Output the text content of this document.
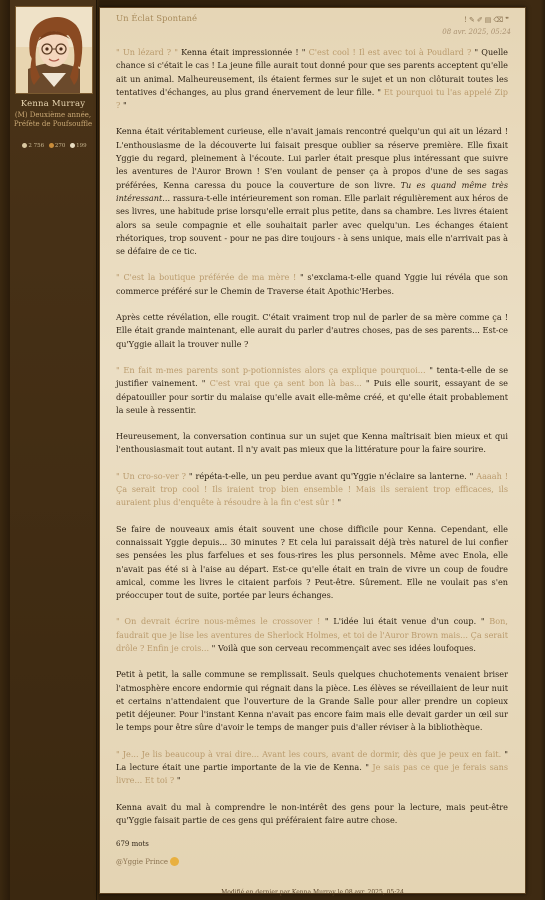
Kenna Murray
(M) Deuxième année, Préfète de Poufsouffle
2 756 270 199
Un Éclat Spontané	!✎✐▤⌫❞
08 avr. 2025, 05:24

" Un lézard ? " Kenna était impressionnée ! " C'est cool ! Il est avec toi à Poudlard ? " Quelle chance si c'était le cas ! La jeune fille aurait tout donné pour que ses parents acceptent qu'elle ait un animal. Malheureusement, ils étaient fermes sur le sujet et un non clôturait toutes les tentatives d'échanges, au plus grand énervement de leur fille. " Et pourquoi tu l'as appelé Zip ? "

Kenna était véritablement curieuse, elle n'avait jamais rencontré quelqu'un qui ait un lézard ! L'enthousiasme de la découverte lui faisait presque oublier sa réserve première. Elle fixait Yggie du regard, pleinement à l'écoute. Lui parler était presque plus intéressant que suivre les aventures de l'Auror Brown ! S'en voulant de penser ça à propos d'une de ses sagas préférées, Kenna caressa du pouce la couverture de son livre. Tu es quand même très intéressant... rassura-t-elle intérieurement son roman. Elle parlait régulièrement aux héros de ses livres, une habitude prise lorsqu'elle errait plus petite, dans sa chambre. Les livres étaient alors sa seule compagnie et elle souhaitait parler avec quelqu'un. Les échanges étaient rhétoriques, trop souvent - pour ne pas dire toujours - à sens unique, mais elle n'arrivait pas à se défaire de ce tic.

" C'est la boutique préférée de ma mère ! " s'exclama-t-elle quand Yggie lui révéla que son commerce préféré sur le Chemin de Traverse était Apothic'Herbes.

Après cette révélation, elle rougit. C'était vraiment trop nul de parler de sa mère comme ça ! Elle était grande maintenant, elle aurait du parler d'autres choses, pas de ses parents... Est-ce qu'Yggie allait la trouver nulle ?

" En fait m-mes parents sont p-potionnistes alors ça explique pourquoi... " tenta-t-elle de se justifier vainement. " C'est vrai que ça sent bon là bas... " Puis elle sourit, essayant de se dépatouiller pour sortir du malaise qu'elle avait elle-même créé, et qu'elle était probablement la seule à ressentir.

Heureusement, la conversation continua sur un sujet que Kenna maîtrisait bien mieux et qui l'enthousiasmait tout autant. Il n'y avait pas mieux que la littérature pour la faire sourire.

" Un cro-so-ver ? " répéta-t-elle, un peu perdue avant qu'Yggie n'éclaire sa lanterne. " Aaaah ! Ça serait trop cool ! Ils iraient trop bien ensemble ! Mais ils seraient trop efficaces, ils auraient plus d'enquête à résoudre à la fin c'est sûr ! "

Se faire de nouveaux amis était souvent une chose difficile pour Kenna. Cependant, elle connaissait Yggie depuis... 30 minutes ? Et cela lui paraissait déjà très naturel de lui confier ses pensées les plus farfelues et ses fous-rires les plus personnels. Même avec Enola, elle n'avait pas été si à l'aise au départ. Est-ce qu'elle était en train de vivre un coup de foudre amical, comme les livres le citaient parfois ? Peut-être. Sûrement. Elle ne voulait pas s'en préoccuper tout de suite, portée par leurs échanges.

" On devrait écrire nous-mêmes le crossover ! " L'idée lui était venue d'un coup. " Bon, faudrait que je lise les aventures de Sherlock Holmes, et toi de l'Auror Brown mais... Ça serait drôle ? Enfin je crois... " Voilà que son cerveau recommençait avec ses idées loufoques.

Petit à petit, la salle commune se remplissait. Seuls quelques chuchotements venaient briser l'atmosphère encore endormie qui régnait dans la pièce. Les élèves se réveillaient de leur nuit et certains n'attendaient que l'ouverture de la Grande Salle pour aller prendre un copieux petit déjeuner. Pour l'instant Kenna n'avait pas encore faim mais elle devait garder un œil sur le temps pour être sûre d'avoir le temps de manger puis d'aller réviser à la bibliothèque.

" Je... Je lis beaucoup à vrai dire... Avant les cours, avant de dormir, dès que je peux en fait. " La lecture était une partie importante de la vie de Kenna. " Je sais pas ce que je ferais sans livre... Et toi ? "

Kenna avait du mal à comprendre le non-intérêt des gens pour la lecture, mais peut-être qu'Yggie faisait partie de ces gens qui préféraient faire autre chose.

679 mots
@Yggie Prince
Modifié en dernier par Kenna Murray le 08 avr. 2025, 05:24
